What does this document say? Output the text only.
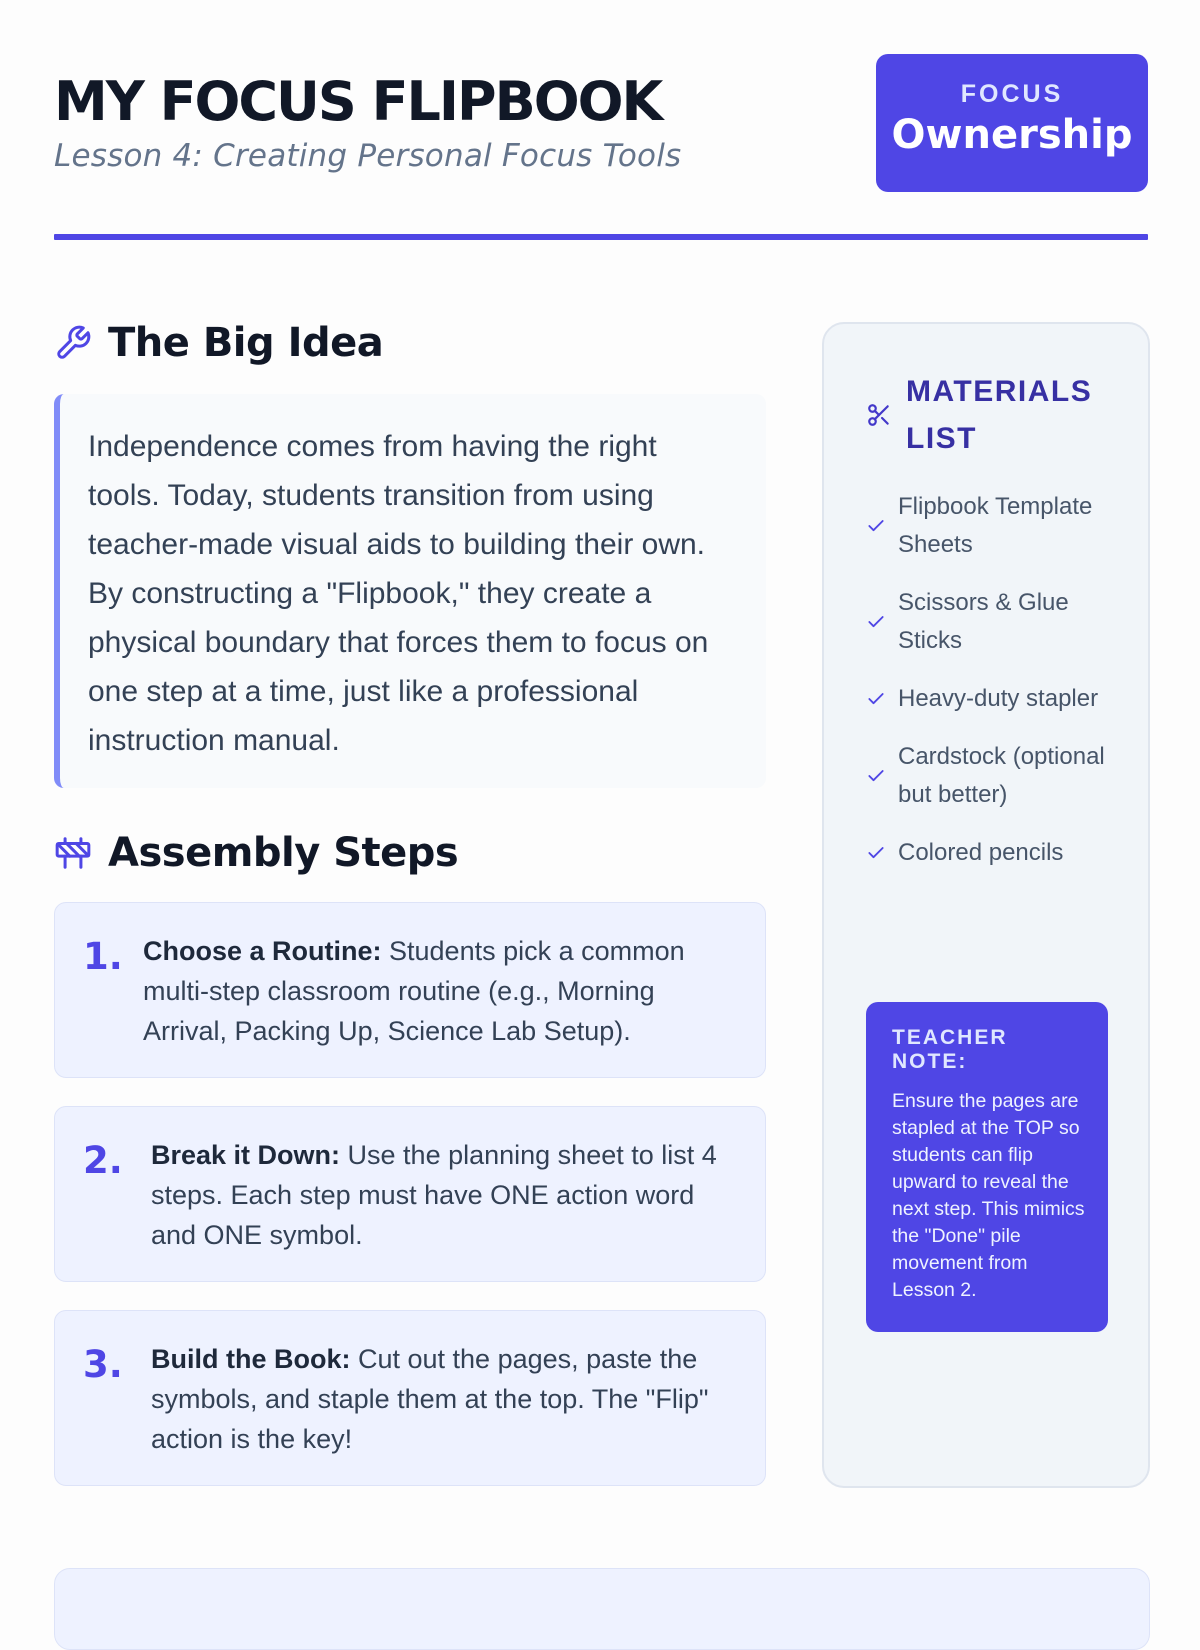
MY FOCUS FLIPBOOK

Lesson 4: Creating Personal Focus Tools

FOCUS
Ownership
The Big Idea

Independence comes from having the right tools. Today, students transition from using teacher-made visual aids to building their own. By constructing a "Flipbook," they create a physical boundary that forces them to focus on one step at a time, just like a professional instruction manual.

Assembly Steps
1. Choose a Routine: Students pick a common multi-step classroom routine (e.g., Morning Arrival, Packing Up, Science Lab Setup).
2. Break it Down: Use the planning sheet to list 4 steps. Each step must have ONE action word and ONE symbol.
3. Build the Book: Cut out the pages, paste the symbols, and staple them at the top. The "Flip" action is the key!
MATERIALS LIST
Flipbook Template Sheets
Scissors & Glue Sticks
Heavy-duty stapler
Cardstock (optional but better)
Colored pencils
TEACHER NOTE:
Ensure the pages are stapled at the TOP so students can flip upward to reveal the next step. This mimics the "Done" pile movement from Lesson 2.
